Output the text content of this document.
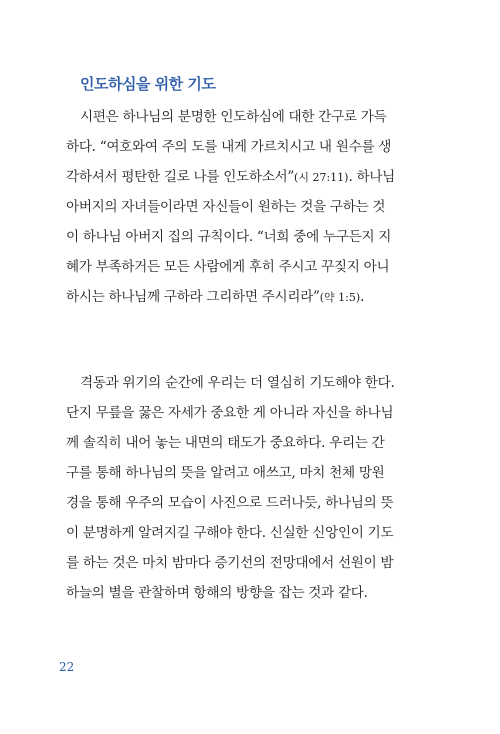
인도하심을 위한 기도
시편은 하나님의 분명한 인도하심에 대한 간구로 가득
하다. “여호와여 주의 도를 내게 가르치시고 내 원수를 생
각하셔서 평탄한 길로 나를 인도하소서”(시 27:11). 하나님
아버지의 자녀들이라면 자신들이 원하는 것을 구하는 것
이 하나님 아버지 집의 규칙이다. “너희 중에 누구든지 지
혜가 부족하거든 모든 사람에게 후히 주시고 꾸짖지 아니
하시는 하나님께 구하라 그리하면 주시리라”(약 1:5).
격동과 위기의 순간에 우리는 더 열심히 기도해야 한다.
단지 무릎을 꿇은 자세가 중요한 게 아니라 자신을 하나님
께 솔직히 내어 놓는 내면의 태도가 중요하다. 우리는 간
구를 통해 하나님의 뜻을 알려고 애쓰고, 마치 천체 망원
경을 통해 우주의 모습이 사진으로 드러나듯, 하나님의 뜻
이 분명하게 알려지길 구해야 한다. 신실한 신앙인이 기도
를 하는 것은 마치 밤마다 증기선의 전망대에서 선원이 밤
하늘의 별을 관찰하며 항해의 방향을 잡는 것과 같다.
22
